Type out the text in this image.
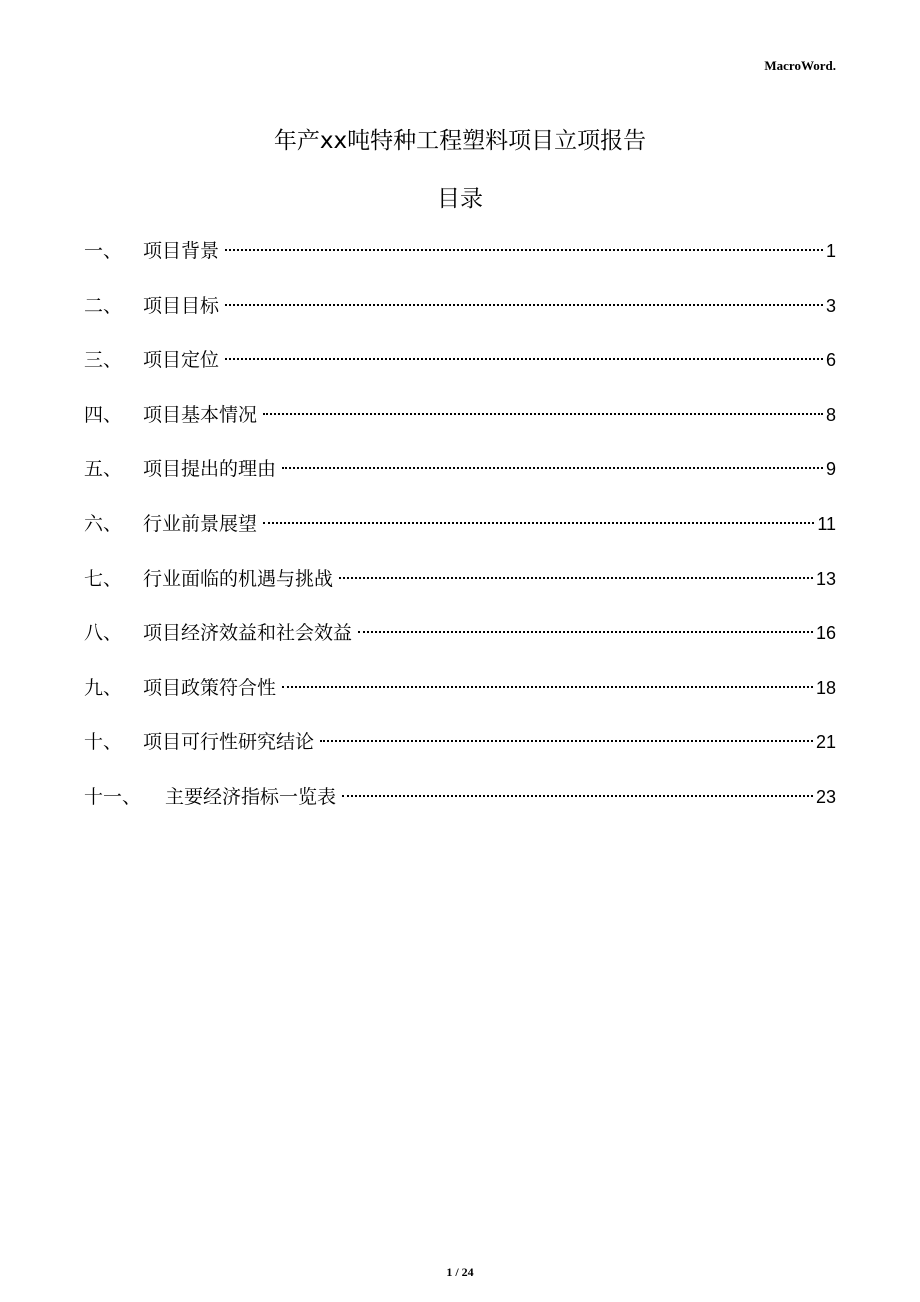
MacroWord.
年产xx吨特种工程塑料项目立项报告
目录
一、	项目背景	1
二、	项目目标	3
三、	项目定位	6
四、	项目基本情况	8
五、	项目提出的理由	9
六、	行业前景展望	11
七、	行业面临的机遇与挑战	13
八、	项目经济效益和社会效益	16
九、	项目政策符合性	18
十、	项目可行性研究结论	21
十一、	主要经济指标一览表	23
1 / 24
